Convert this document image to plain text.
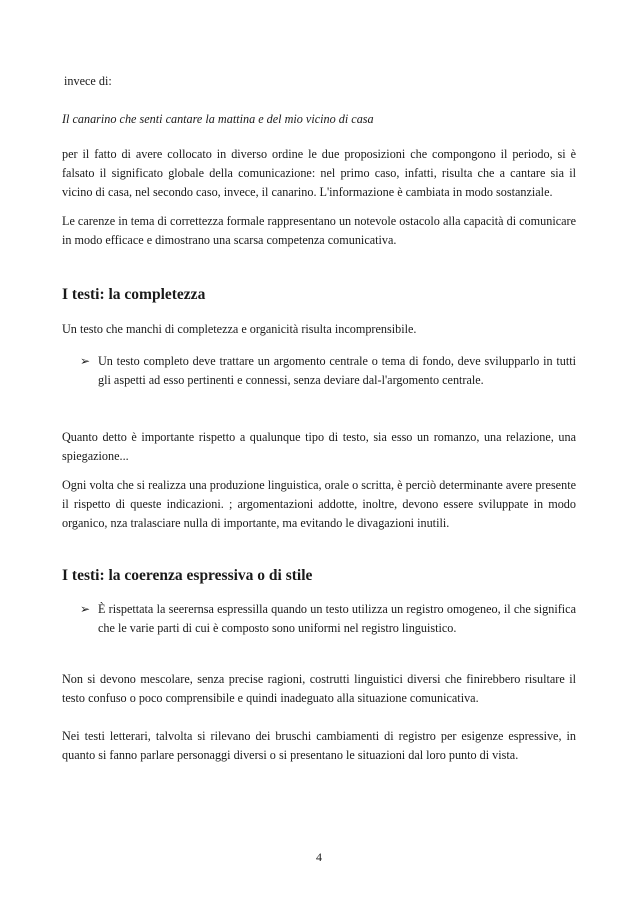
invece di:

Il canarino che senti cantare la mattina e del mio vicino di casa

per il fatto di avere collocato in diverso ordine le due proposizioni che compongono il periodo, si è falsato il significato globale della comunicazione: nel primo caso, infatti, risulta che a cantare sia il vicino di casa, nel secondo caso, invece, il canarino. L'informazione è cambiata in modo sostanziale.

Le carenze in tema di correttezza formale rappresentano un notevole ostacolo alla capacità di comunicare in modo efficace e dimostrano una scarsa competenza comunicativa.

I testi: la completezza

Un testo che manchi di completezza e organicità risulta incomprensibile.

➢ Un testo completo deve trattare un argomento centrale o tema di fondo, deve svilupparlo in tutti gli aspetti ad esso pertinenti e connessi, senza deviare dal-l'argomento centrale.

Quanto detto è importante rispetto a qualunque tipo di testo, sia esso un romanzo, una relazione, una spiegazione...

Ogni volta che si realizza una produzione linguistica, orale o scritta, è perciò determinante avere presente il rispetto di queste indicazioni. ; argomentazioni addotte, inoltre, devono essere sviluppate in modo organico, nza tralasciare nulla di importante, ma evitando le divagazioni inutili.

I testi: la coerenza espressiva o di stile
➢ È rispettata la seerernsa espressilla quando un testo utilizza un registro omogeneo, il che significa che le varie parti di cui è composto sono uniformi nel registro linguistico.

Non si devono mescolare, senza precise ragioni, costrutti linguistici diversi che finirebbero risultare il testo confuso o poco comprensibile e quindi inadeguato alla situazione comunicativa.

Nei testi letterari, talvolta si rilevano dei bruschi cambiamenti di registro per esigenze espressive, in quanto si fanno parlare personaggi diversi o si presentano le situazioni dal loro punto di vista.

4
